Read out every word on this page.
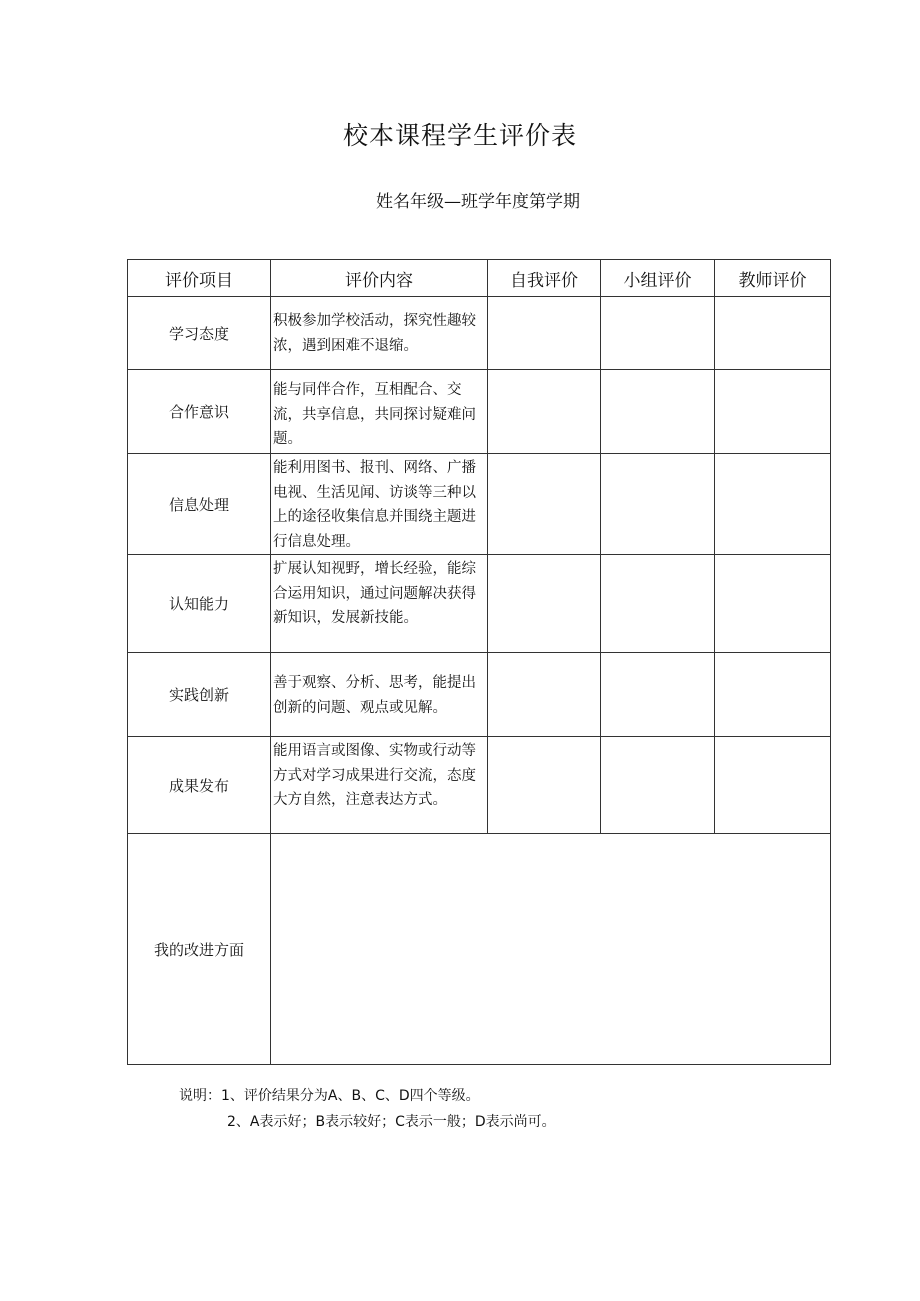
校本课程学生评价表
姓名年级—班学年度第学期
评价项目	评价内容	自我评价	小组评价	教师评价
学习态度	积极参加学校活动，探究性趣较浓，遇到困难不退缩。			
合作意识	能与同伴合作，互相配合、交流，共享信息，共同探讨疑难问题。			
信息处理	能利用图书、报刊、网络、广播电视、生活见闻、访谈等三种以上的途径收集信息并围绕主题进行信息处理。			
认知能力	扩展认知视野，增长经验，能综合运用知识，通过问题解决获得新知识，发展新技能。			
实践创新	善于观察、分析、思考，能提出创新的问题、观点或见解。			
成果发布	能用语言或图像、实物或行动等方式对学习成果进行交流，态度大方自然，注意表达方式。			
我的改进方面				
说明：1、评价结果分为A、B、C、D四个等级。
2、A表示好；B表示较好；C表示一般；D表示尚可。
